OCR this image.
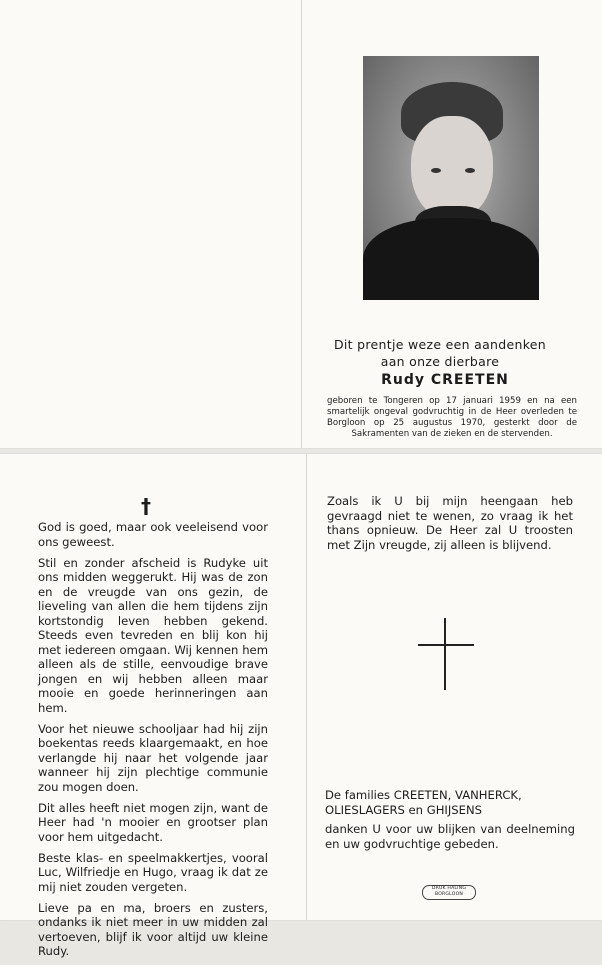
Dit prentje weze een aandenken
aan onze dierbare
Rudy CREETEN
geboren te Tongeren op 17 januari 1959 en na een smartelijk ongeval godvruchtig in de Heer overleden te Borgloon op 25 augustus 1970, gesterkt door de Sakramenten van de zieken en de stervenden.
†

God is goed, maar ook veeleisend voor ons geweest.

Stil en zonder afscheid is Rudyke uit ons midden weggerukt. Hij was de zon en de vreugde van ons gezin, de lieveling van allen die hem tijdens zijn kortstondig leven hebben gekend. Steeds even tevreden en blij kon hij met iedereen omgaan. Wij kennen hem alleen als de stille, eenvoudige brave jongen en wij hebben alleen maar mooie en goede herinneringen aan hem.

Voor het nieuwe schooljaar had hij zijn boekentas reeds klaargemaakt, en hoe verlangde hij naar het volgende jaar wanneer hij zijn plechtige communie zou mogen doen.

Dit alles heeft niet mogen zijn, want de Heer had 'n mooier en grootser plan voor hem uitgedacht.

Beste klas- en speelmakkertjes, vooral Luc, Wilfriedje en Hugo, vraag ik dat ze mij niet zouden vergeten.

Lieve pa en ma, broers en zusters, ondanks ik niet meer in uw midden zal vertoeven, blijf ik voor altijd uw kleine Rudy.

Zoals ik U bij mijn heengaan heb gevraagd niet te wenen, zo vraag ik het thans opnieuw. De Heer zal U troosten met Zijn vreugde, zij alleen is blijvend.
De families CREETEN, VANHERCK,
OLIESLAGERS en GHIJSENS
danken U voor uw blijken van deelneming en uw godvruchtige gebeden.
DRUK HALING
BORGLOON
